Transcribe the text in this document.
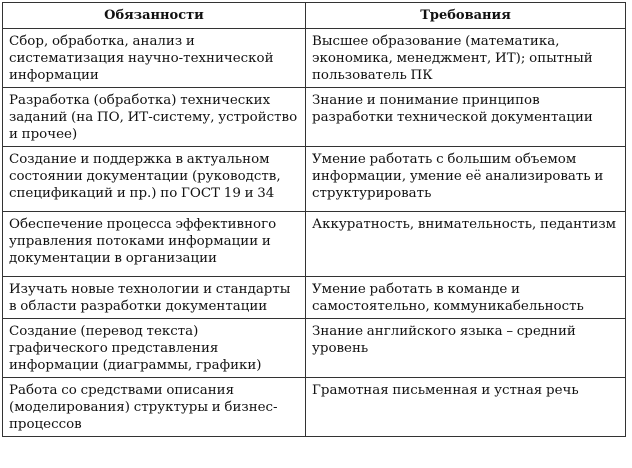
Обязанности	Требования
Сбор, обработка, анализ и систематизация научно-технической информации	Высшее образование (математика, экономика, менеджмент, ИТ); опытный пользователь ПК
Разработка (обработка) технических заданий (на ПО, ИТ-систему, устройство и прочее)	Знание и понимание принципов разработки технической документации
Создание и поддержка в актуальном состоянии документации (руководств, спецификаций и пр.) по ГОСТ 19 и 34	Умение работать с большим объемом информации, умение её анализировать и структурировать
Обеспечение процесса эффективного управления потоками информации и документации в организации	Аккуратность, внимательность, педантизм
Изучать новые технологии и стандарты в области разработки документации	Умение работать в команде и самостоятельно, коммуникабельность
Создание (перевод текста) графического представления информации (диаграммы, графики)	Знание английского языка – средний уровень
Работа со средствами описания (моделирования) структуры и бизнес-процессов	Грамотная письменная и устная речь
